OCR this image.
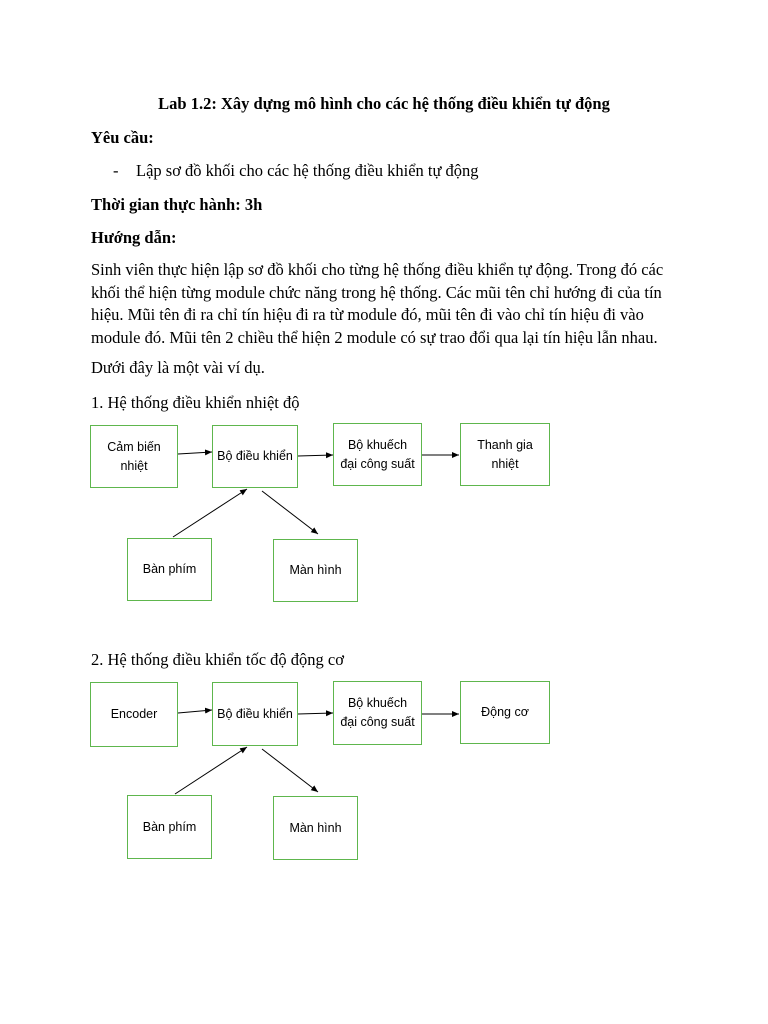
Lab 1.2: Xây dựng mô hình cho các hệ thống điều khiển tự động
Yêu cầu:
- Lập sơ đồ khối cho các hệ thống điều khiển tự động
Thời gian thực hành: 3h
Hướng dẫn:
Sinh viên thực hiện lập sơ đồ khối cho từng hệ thống điều khiển tự động. Trong đó các
khối thể hiện từng module chức năng trong hệ thống. Các mũi tên chỉ hướng đi của tín
hiệu. Mũi tên đi ra chỉ tín hiệu đi ra từ module đó, mũi tên đi vào chỉ tín hiệu đi vào
module đó. Mũi tên 2 chiều thể hiện 2 module có sự trao đổi qua lại tín hiệu lẫn nhau.
Dưới đây là một vài ví dụ.
1. Hệ thống điều khiển nhiệt độ
Cảm biến nhiệt
Bộ điều khiển
Bộ khuếch đại công suất
Thanh gia nhiệt
Bàn phím	Màn hình
2. Hệ thống điều khiển tốc độ động cơ
Encoder	Bộ điều khiển
Bộ khuếch đại công suất
Động cơ
Bàn phím	Màn hình
